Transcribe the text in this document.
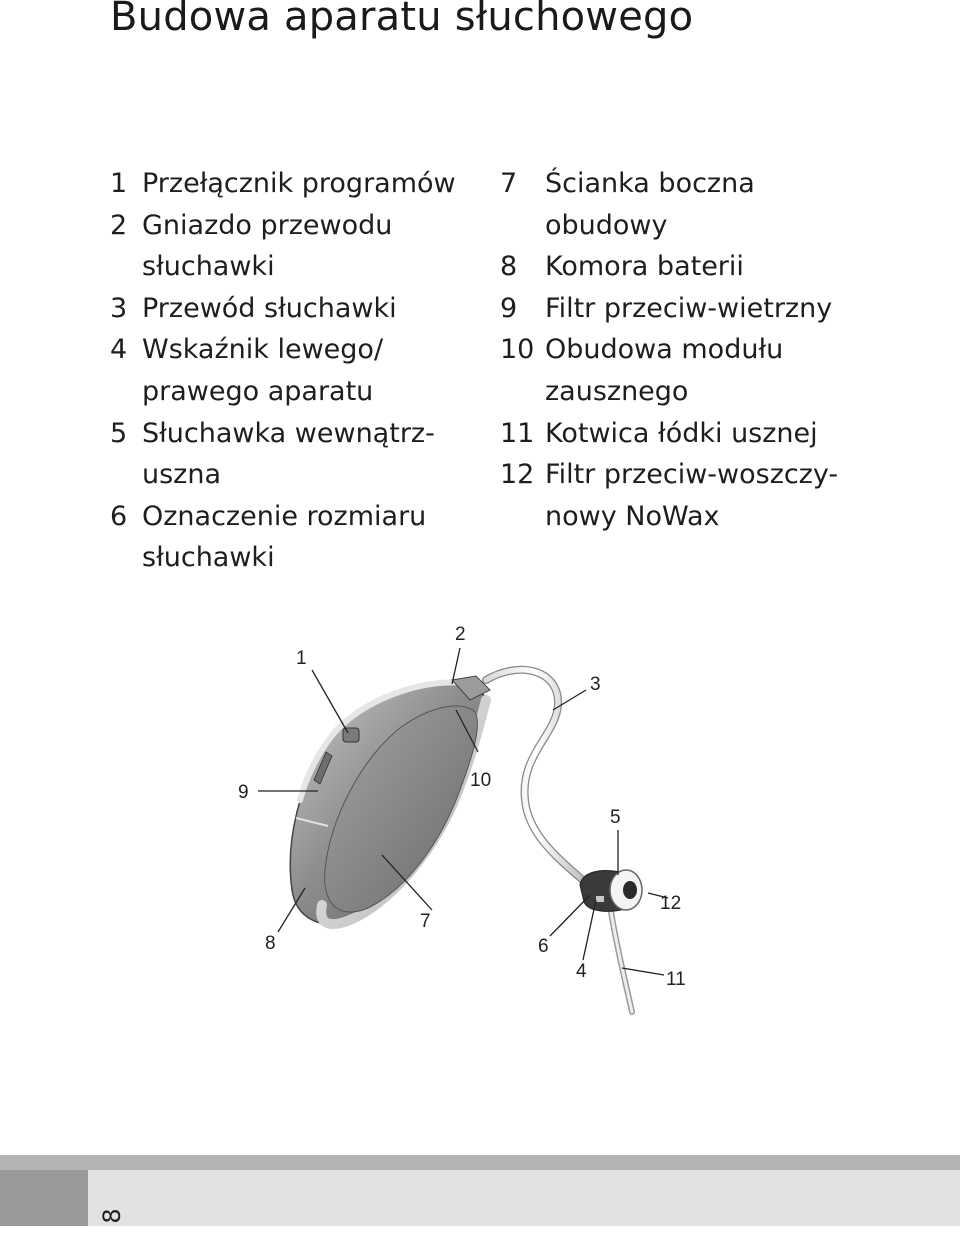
Budowa aparatu słuchowego
1 Przełącznik programów
2 Gniazdo przewodu
słuchawki
3 Przewód słuchawki
4 Wskaźnik lewego/
prawego aparatu
5 Słuchawka wewnątrz-
uszna
6 Oznaczenie rozmiaru
słuchawki
7 Ścianka boczna
obudowy
8 Komora baterii
9 Filtr przeciw-wietrzny
10 Obudowa modułu
zausznego
11 Kotwica łódki usznej
12 Filtr przeciw-woszczy-
nowy NoWax
1
2
3
9
10
5
12
7
8	6
4	11
8
